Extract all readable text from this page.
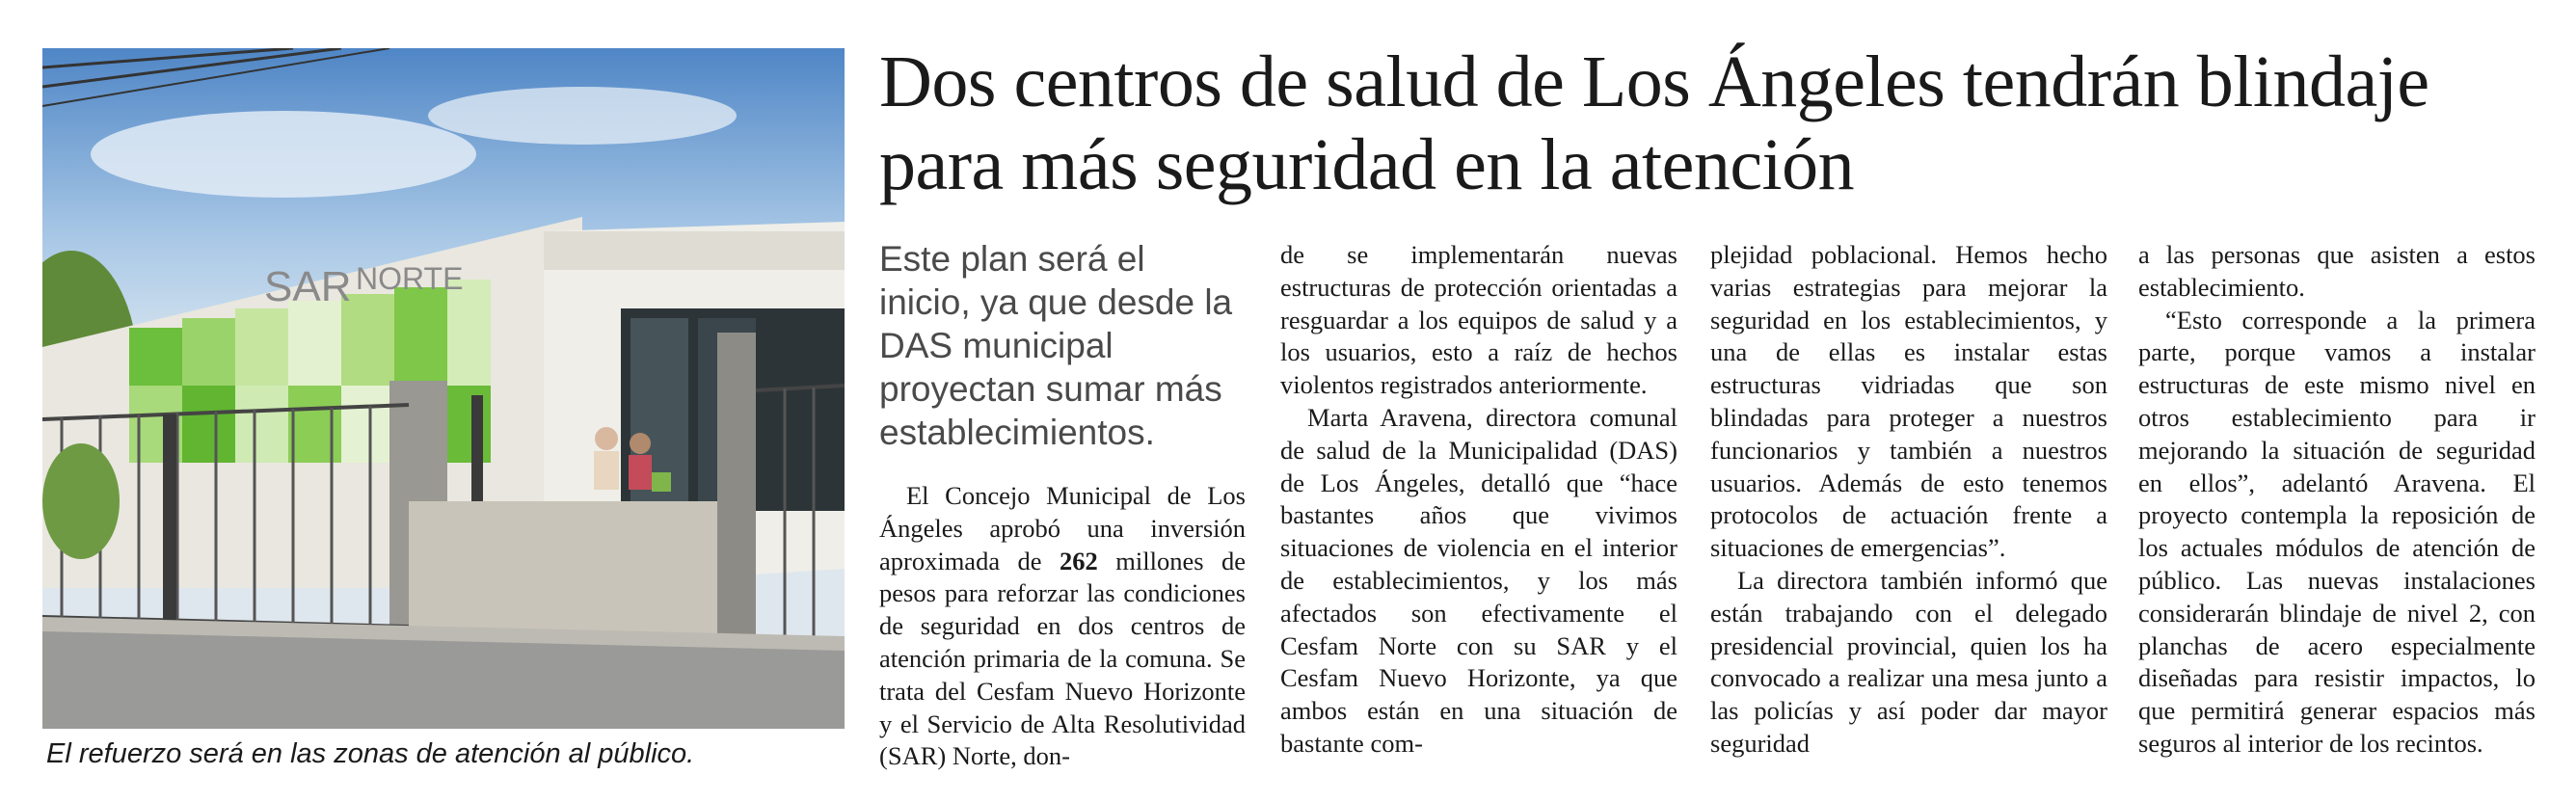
SAR NORTE
El refuerzo será en las zonas de atención al público.
Dos centros de salud de Los Ángeles tendrán blindaje para más seguridad en la atención

Este plan será el inicio, ya que desde la DAS municipal proyectan sumar más establecimientos.

El Concejo Municipal de Los Ángeles aprobó una inversión aproximada de 262 millones de pesos para reforzar las condiciones de seguridad en dos centros de atención primaria de la comuna. Se trata del Cesfam Nuevo Horizonte y el Servicio de Alta Resolutividad (SAR) Norte, don-

de se implementarán nuevas estructuras de protección orientadas a resguardar a los equipos de salud y a los usuarios, esto a raíz de hechos violentos registrados anteriormente.

Marta Aravena, directora comunal de salud de la Municipalidad (DAS) de Los Ángeles, detalló que “hace bastantes años que vivimos situaciones de violencia en el interior de establecimientos, y los más afectados son efectivamente el Cesfam Norte con su SAR y el Cesfam Nuevo Horizonte, ya que ambos están en una situación de bastante com-

plejidad poblacional. Hemos hecho varias estrategias para mejorar la seguridad en los establecimientos, y una de ellas es instalar estas estructuras vidriadas que son blindadas para proteger a nuestros funcionarios y también a nuestros usuarios. Además de esto tenemos protocolos de actuación frente a situaciones de emergencias”.

La directora también informó que están trabajando con el delegado presidencial provincial, quien los ha convocado a realizar una mesa junto a las policías y así poder dar mayor seguridad

a las personas que asisten a estos establecimiento.

“Esto corresponde a la primera parte, porque vamos a instalar estructuras de este mismo nivel en otros establecimiento para ir mejorando la situación de seguridad en ellos”, adelantó Aravena. El proyecto contempla la reposición de los actuales módulos de atención de público. Las nuevas instalaciones considerarán blindaje de nivel 2, con planchas de acero especialmente diseñadas para resistir impactos, lo que permitirá generar espacios más seguros al interior de los recintos.
